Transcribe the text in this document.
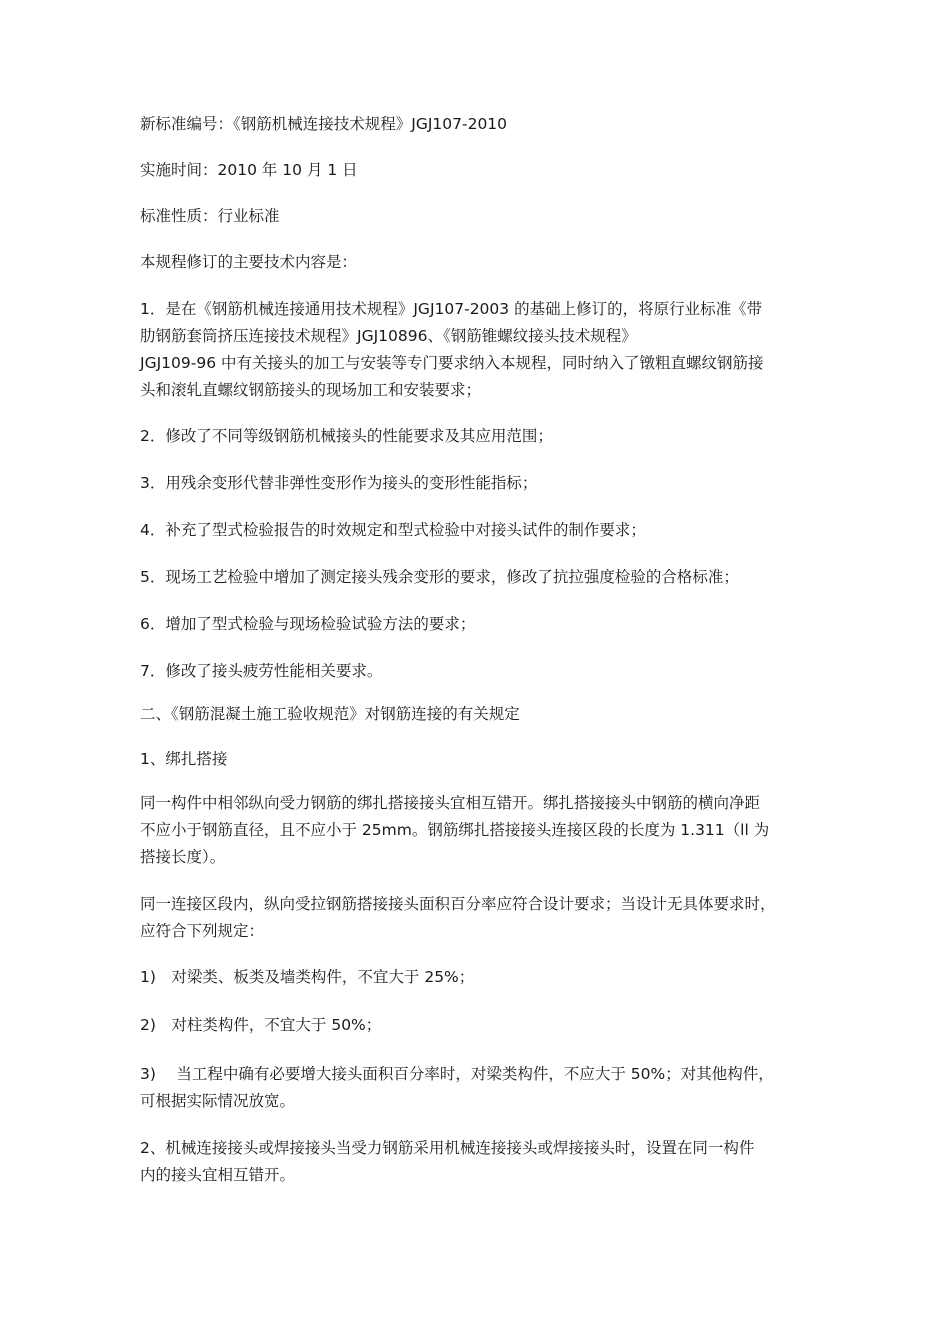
新标准编号：《钢筋机械连接技术规程》JGJ107-2010

实施时间：2010 年 10 月 1 日

标准性质：行业标准

本规程修订的主要技术内容是：

1．是在《钢筋机械连接通用技术规程》JGJ107-2003 的基础上修订的，将原行业标准《带
肋钢筋套筒挤压连接技术规程》JGJ10896、《钢筋锥螺纹接头技术规程》
JGJ109-96 中有关接头的加工与安装等专门要求纳入本规程，同时纳入了镦粗直螺纹钢筋接
头和滚轧直螺纹钢筋接头的现场加工和安装要求；

2．修改了不同等级钢筋机械接头的性能要求及其应用范围；

3．用残余变形代替非弹性变形作为接头的变形性能指标；

4．补充了型式检验报告的时效规定和型式检验中对接头试件的制作要求；

5．现场工艺检验中增加了测定接头残余变形的要求，修改了抗拉强度检验的合格标准；

6．增加了型式检验与现场检验试验方法的要求；

7．修改了接头疲劳性能相关要求。

二、《钢筋混凝土施工验收规范》对钢筋连接的有关规定

1、绑扎搭接

同一构件中相邻纵向受力钢筋的绑扎搭接接头宜相互错开。绑扎搭接接头中钢筋的横向净距
不应小于钢筋直径，且不应小于 25mm。钢筋绑扎搭接接头连接区段的长度为 1.311（ll 为
搭接长度）。

同一连接区段内，纵向受拉钢筋搭接接头面积百分率应符合设计要求；当设计无具体要求时，
应符合下列规定：

1)　对梁类、板类及墙类构件，不宜大于 25%；

2)　对柱类构件，不宜大于 50%；

3)　 当工程中确有必要增大接头面积百分率时，对梁类构件，不应大于 50%；对其他构件，
可根据实际情况放宽。

2、机械连接接头或焊接接头当受力钢筋采用机械连接接头或焊接接头时，设置在同一构件
内的接头宜相互错开。
